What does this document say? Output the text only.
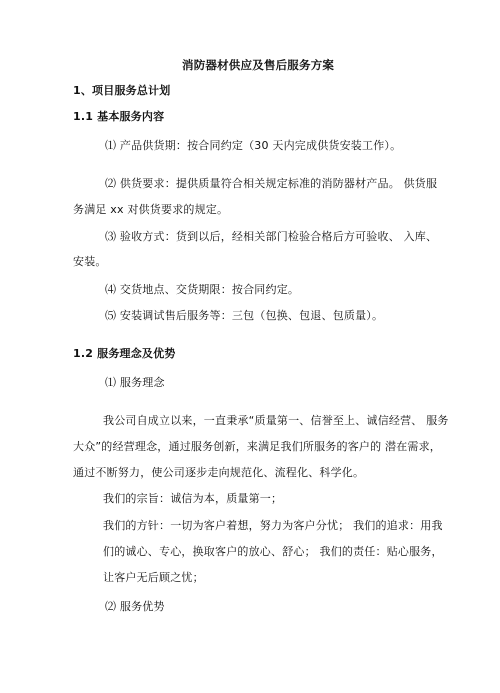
消防器材供应及售后服务方案
1、项目服务总计划
1.1 基本服务内容
⑴ 产品供货期：按合同约定（30 天内完成供货安装工作）。
⑵ 供货要求：提供质量符合相关规定标准的消防器材产品。 供货服
务满足 xx 对供货要求的规定。
⑶ 验收方式：货到以后，经相关部门检验合格后方可验收、 入库、
安装。
⑷ 交货地点、交货期限：按合同约定。
⑸ 安装调试售后服务等：三包（包换、包退、包质量）。
1.2 服务理念及优势
⑴ 服务理念
我公司自成立以来，一直秉承“质量第一、信誉至上、诚信经营、 服务
大众”的经营理念，通过服务创新，来满足我们所服务的客户的 潜在需求，
通过不断努力，使公司逐步走向规范化、流程化、科学化。
我们的宗旨：诚信为本，质量第一；
我们的方针：一切为客户着想，努力为客户分忧； 我们的追求：用我
们的诚心、专心，换取客户的放心、舒心； 我们的责任：贴心服务，
让客户无后顾之忧；
⑵ 服务优势
